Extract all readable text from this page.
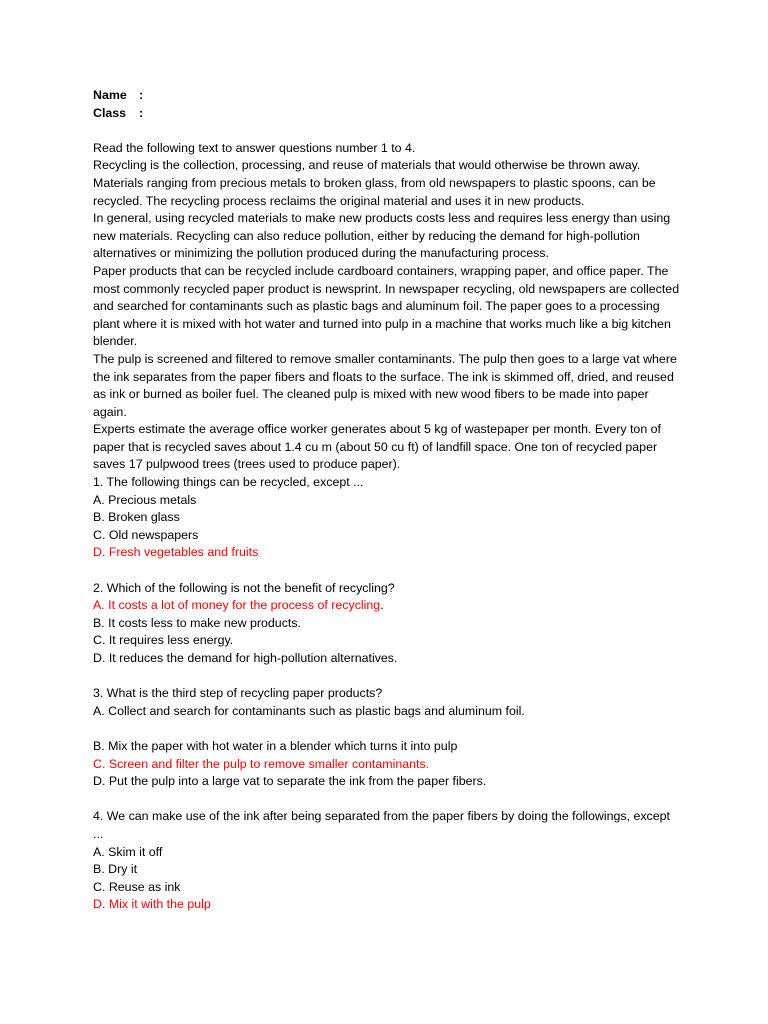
Name :
Class	:

Read the following text to answer questions number 1 to 4.

Recycling is the collection, processing, and reuse of materials that would otherwise be thrown away. Materials ranging from precious metals to broken glass, from old newspapers to plastic spoons, can be recycled. The recycling process reclaims the original material and uses it in new products.

In general, using recycled materials to make new products costs less and requires less energy than using new materials. Recycling can also reduce pollution, either by reducing the demand for high-pollution alternatives or minimizing the pollution produced during the manufacturing process.

Paper products that can be recycled include cardboard containers, wrapping paper, and office paper. The most commonly recycled paper product is newsprint. In newspaper recycling, old newspapers are collected and searched for contaminants such as plastic bags and aluminum foil. The paper goes to a processing plant where it is mixed with hot water and turned into pulp in a machine that works much like a big kitchen blender.

The pulp is screened and filtered to remove smaller contaminants. The pulp then goes to a large vat where the ink separates from the paper fibers and floats to the surface. The ink is skimmed off, dried, and reused as ink or burned as boiler fuel. The cleaned pulp is mixed with new wood fibers to be made into paper again.

Experts estimate the average office worker generates about 5 kg of wastepaper per month. Every ton of paper that is recycled saves about 1.4 cu m (about 50 cu ft) of landfill space. One ton of recycled paper saves 17 pulpwood trees (trees used to produce paper).

1. The following things can be recycled, except ...

A. Precious metals

B. Broken glass

C. Old newspapers

D. Fresh vegetables and fruits

2. Which of the following is not the benefit of recycling?

A. It costs a lot of money for the process of recycling.

B. It costs less to make new products.

C. It requires less energy.

D. It reduces the demand for high-pollution alternatives.

3. What is the third step of recycling paper products?

A. Collect and search for contaminants such as plastic bags and aluminum foil.

B. Mix the paper with hot water in a blender which turns it into pulp

C. Screen and filter the pulp to remove smaller contaminants.

D. Put the pulp into a large vat to separate the ink from the paper fibers.

4. We can make use of the ink after being separated from the paper fibers by doing the followings, except ...

A. Skim it off

B. Dry it

C. Reuse as ink

D. Mix it with the pulp
